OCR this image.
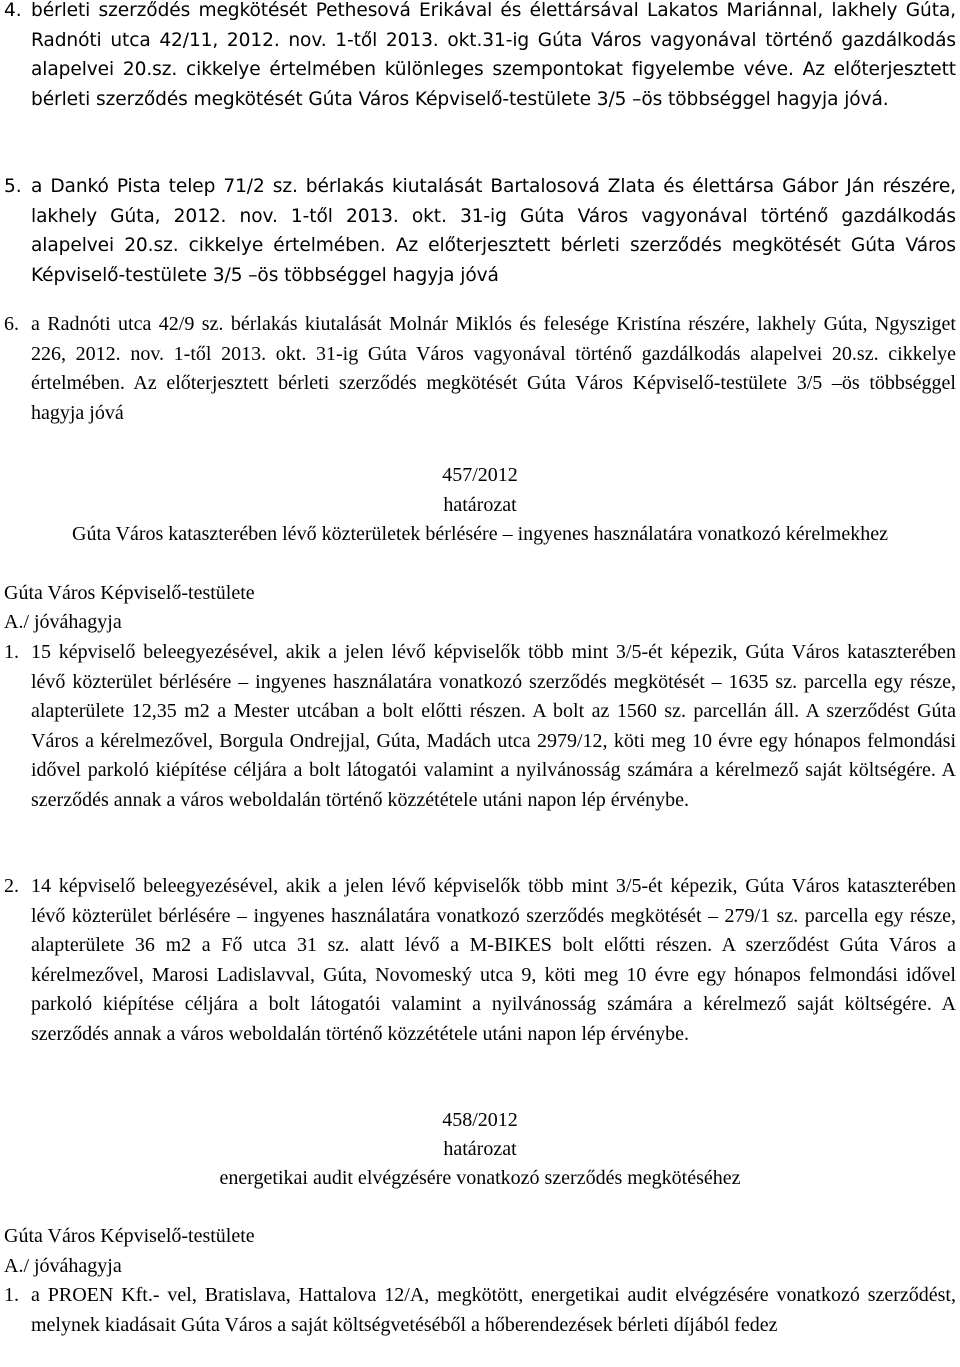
4. bérleti szerződés megkötését Pethesová Erikával és élettársával Lakatos Mariánnal, lakhely Gúta, Radnóti utca 42/11, 2012. nov. 1-től 2013. okt.31-ig Gúta Város vagyonával történő gazdálkodás alapelvei 20.sz. cikkelye értelmében különleges szempontokat figyelembe véve. Az előterjesztett bérleti szerződés megkötését Gúta Város Képviselő-testülete 3/5 –ös többséggel hagyja jóvá.
5. a Dankó Pista telep 71/2 sz. bérlakás kiutalását Bartalosová Zlata és élettársa Gábor Ján részére, lakhely Gúta, 2012. nov. 1-től 2013. okt. 31-ig Gúta Város vagyonával történő gazdálkodás alapelvei 20.sz. cikkelye értelmében. Az előterjesztett bérleti szerződés megkötését Gúta Város Képviselő-testülete 3/5 –ös többséggel hagyja jóvá
6. a Radnóti utca 42/9 sz. bérlakás kiutalását Molnár Miklós és felesége Kristína részére, lakhely Gúta, Ngysziget 226, 2012. nov. 1-től 2013. okt. 31-ig Gúta Város vagyonával történő gazdálkodás alapelvei 20.sz. cikkelye értelmében. Az előterjesztett bérleti szerződés megkötését Gúta Város Képviselő-testülete 3/5 –ös többséggel hagyja jóvá

457/2012

határozat

Gúta Város kataszterében lévő közterületek bérlésére – ingyenes használatára vonatkozó kérelmekhez

Gúta Város Képviselő-testülete

A./ jóváhagyja

1. 15 képviselő beleegyezésével, akik a jelen lévő képviselők több mint 3/5-ét képezik, Gúta Város kataszterében lévő közterület bérlésére – ingyenes használatára vonatkozó szerződés megkötését – 1635 sz. parcella egy része, alapterülete 12,35 m2 a Mester utcában a bolt előtti részen. A bolt az 1560 sz. parcellán áll. A szerződést Gúta Város a kérelmezővel, Borgula Ondrejjal, Gúta, Madách utca 2979/12, köti meg 10 évre egy hónapos felmondási idővel parkoló kiépítése céljára a bolt látogatói valamint a nyilvánosság számára a kérelmező saját költségére. A szerződés annak a város weboldalán történő közzététele utáni napon lép érvénybe.
2. 14 képviselő beleegyezésével, akik a jelen lévő képviselők több mint 3/5-ét képezik, Gúta Város kataszterében lévő közterület bérlésére – ingyenes használatára vonatkozó szerződés megkötését – 279/1 sz. parcella egy része, alapterülete 36 m2 a Fő utca 31 sz. alatt lévő a M-BIKES bolt előtti részen. A szerződést Gúta Város a kérelmezővel, Marosi Ladislavval, Gúta, Novomeský utca 9, köti meg 10 évre egy hónapos felmondási idővel parkoló kiépítése céljára a bolt látogatói valamint a nyilvánosság számára a kérelmező saját költségére. A szerződés annak a város weboldalán történő közzététele utáni napon lép érvénybe.

458/2012

határozat

energetikai audit elvégzésére vonatkozó szerződés megkötéséhez

Gúta Város Képviselő-testülete

A./ jóváhagyja

1. a PROEN Kft.- vel, Bratislava, Hattalova 12/A, megkötött, energetikai audit elvégzésére vonatkozó szerződést, melynek kiadásait Gúta Város a saját költségvetéséből a hőberendezések bérleti díjából fedez
